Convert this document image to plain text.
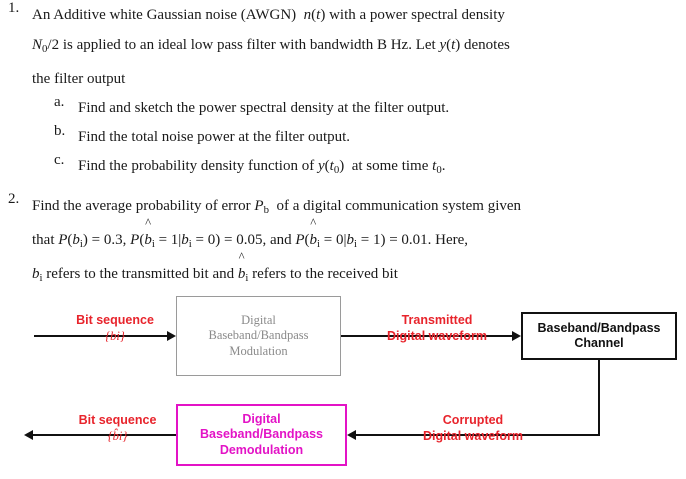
1. An Additive white Gaussian noise (AWGN)  n(t) with a power spectral density
$N_0/2$ is applied to an ideal low pass filter with bandwidth B Hz. Let y(t) denotes
the filter output
a. Find and sketch the power spectral density at the filter output.
b. Find the total noise power at the filter output.
c. Find the probability density function of $y(t_0)$  at some time $t_0$.
2. Find the average probability of error $P_b$  of a digital communication system given
that $P(b_i) = 0.3$, P(
^
$b_i = 1|b_i = 0) = 0.05$, and P(
^
$b_i = 0|b_i = 1) = 0.01$. Here,
$b_i$ refers to the transmitted bit and
^
$b_i$ refers to the received bit
Digital
Baseband/Bandpass
Modulation
Baseband/Bandpass
Channel
Digital
Baseband/Bandpass
Demodulation
Bit sequence
{bi}
Transmitted
Digital waveform
Corrupted
Digital waveform
Bit sequence
{b̂i}
